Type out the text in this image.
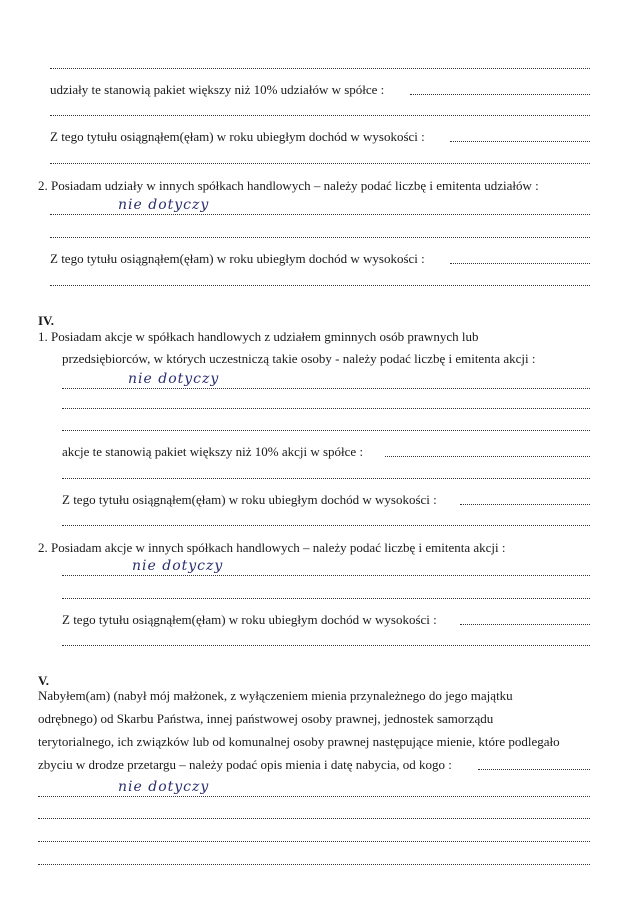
udziały te stanowią pakiet większy niż 10% udziałów w spółce :
Z tego tytułu osiągnąłem(ęłam) w roku ubiegłym dochód w wysokości :
2. Posiadam udziały w innych spółkach handlowych – należy podać liczbę i emitenta udziałów :
nie dotyczy
Z tego tytułu osiągnąłem(ęłam) w roku ubiegłym dochód w wysokości :
IV.
1. Posiadam akcje w spółkach handlowych z udziałem gminnych osób prawnych lub
przedsiębiorców, w których uczestniczą takie osoby - należy podać liczbę i emitenta akcji :
nie dotyczy
akcje te stanowią pakiet większy niż 10% akcji w spółce :
Z tego tytułu osiągnąłem(ęłam) w roku ubiegłym dochód w wysokości :
2. Posiadam akcje w innych spółkach handlowych – należy podać liczbę i emitenta akcji :
nie dotyczy
Z tego tytułu osiągnąłem(ęłam) w roku ubiegłym dochód w wysokości :
V.
Nabyłem(am) (nabył mój małżonek, z wyłączeniem mienia przynależnego do jego majątku
odrębnego) od Skarbu Państwa, innej państwowej osoby prawnej, jednostek samorządu
terytorialnego, ich związków lub od komunalnej osoby prawnej następujące mienie, które podlegało
zbyciu w drodze przetargu – należy podać opis mienia i datę nabycia, od kogo :
nie dotyczy
